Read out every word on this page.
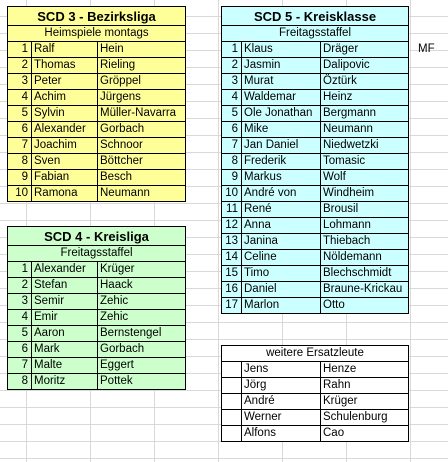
SCD 3 - Bezirksliga		
Heimspiele montags		
1	Ralf	Hein
2	Thomas	Rieling
3	Peter	Gröppel
4	Achim	Jürgens
5	Sylvin	Müller-Navarra
6	Alexander	Gorbach
7	Joachim	Schnoor
8	Sven	Böttcher
9	Fabian	Besch
10	Ramona	Neumann
SCD 4 - Kreisliga		
Freitagsstaffel		
1	Alexander	Krüger
2	Stefan	Haack
3	Semir	Zehic
4	Emir	Zehic
5	Aaron	Bernstengel
6	Mark	Gorbach
7	Malte	Eggert
8	Moritz	Pottek
SCD 5 - Kreisklasse		
Freitagsstaffel		
1	Klaus	Dräger
2	Jasmin	Dalipovic
3	Murat	Öztürk
4	Waldemar	Heinz
5	Ole Jonathan	Bergmann
6	Mike	Neumann
7	Jan Daniel	Niedwetzki
8	Frederik	Tomasic
9	Markus	Wolf
10	André von	Windheim
11	René	Brousil
12	Anna	Lohmann
13	Janina	Thiebach
14	Celine	Nöldemann
15	Timo	Blechschmidt
16	Daniel	Braune-Krickau
17	Marlon	Otto
MF
weitere Ersatzleute		
	Jens	Henze
	Jörg	Rahn
	André	Krüger
	Werner	Schulenburg
	Alfons	Cao
